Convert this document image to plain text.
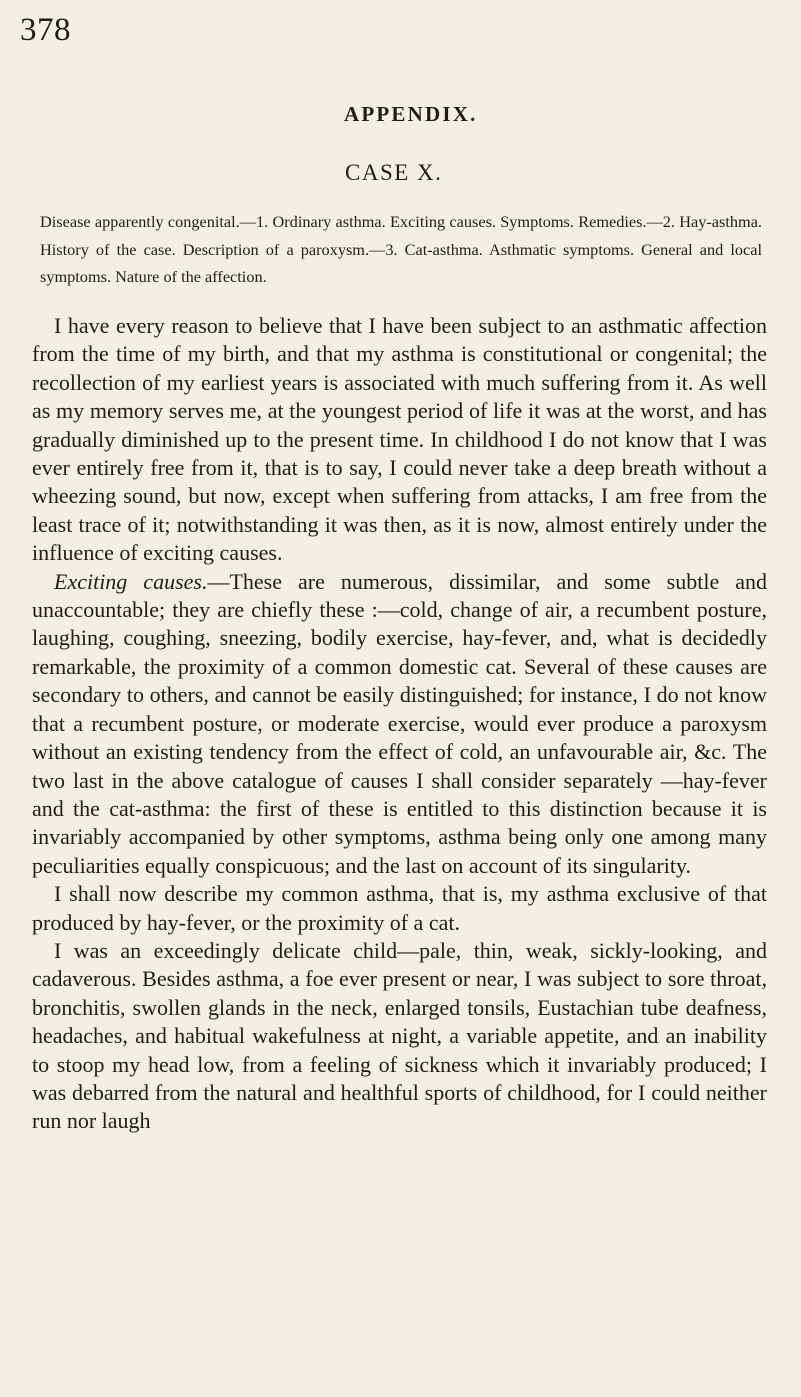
378
APPENDIX.
CASE X.

Disease apparently congenital.—1. Ordinary asthma. Exciting causes. Symptoms. Remedies.—2. Hay-asthma. History of the case. Description of a paroxysm.—3. Cat-asthma. Asthmatic symptoms. General and local symptoms. Nature of the affection.

I have every reason to believe that I have been subject to an asthmatic affection from the time of my birth, and that my asthma is constitutional or congenital; the recollection of my earliest years is associated with much suffering from it. As well as my memory serves me, at the youngest period of life it was at the worst, and has gradually diminished up to the present time. In childhood I do not know that I was ever entirely free from it, that is to say, I could never take a deep breath without a wheezing sound, but now, except when suffering from attacks, I am free from the least trace of it; notwithstanding it was then, as it is now, almost entirely under the influence of exciting causes.

Exciting causes.—These are numerous, dissimilar, and some subtle and unaccountable; they are chiefly these :—cold, change of air, a recumbent posture, laughing, coughing, sneezing, bodily exercise, hay-fever, and, what is decidedly remarkable, the proximity of a common domestic cat. Several of these causes are secondary to others, and cannot be easily distinguished; for instance, I do not know that a recumbent posture, or moderate exercise, would ever produce a paroxysm without an existing tendency from the effect of cold, an unfavourable air, &c. The two last in the above catalogue of causes I shall consider separately —hay-fever and the cat-asthma: the first of these is entitled to this distinction because it is invariably accompanied by other symptoms, asthma being only one among many peculiarities equally conspicuous; and the last on account of its singularity.

I shall now describe my common asthma, that is, my asthma exclusive of that produced by hay-fever, or the proximity of a cat.

I was an exceedingly delicate child—pale, thin, weak, sickly-looking, and cadaverous. Besides asthma, a foe ever present or near, I was subject to sore throat, bronchitis, swollen glands in the neck, enlarged tonsils, Eustachian tube deafness, headaches, and habitual wakefulness at night, a variable appetite, and an inability to stoop my head low, from a feeling of sickness which it invariably produced; I was debarred from the natural and healthful sports of childhood, for I could neither run nor laugh
